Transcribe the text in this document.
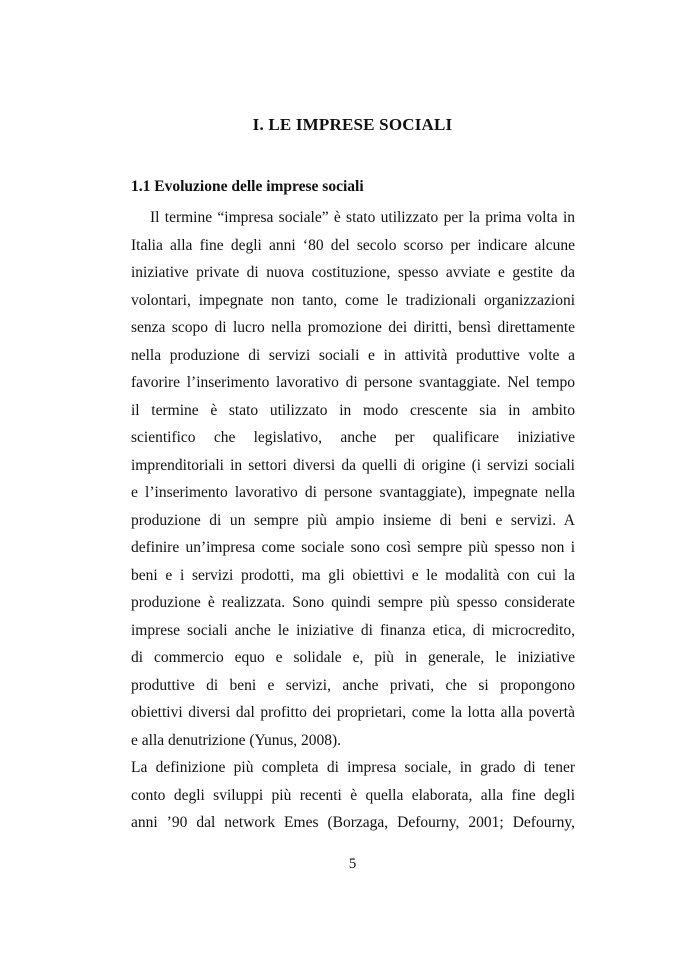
I. LE IMPRESE SOCIALI
1.1 Evoluzione delle imprese sociali
Il termine “impresa sociale” è stato utilizzato per la prima volta in
Italia alla fine degli anni ‘80 del secolo scorso per indicare alcune
iniziative private di nuova costituzione, spesso avviate e gestite da
volontari, impegnate non tanto, come le tradizionali organizzazioni
senza scopo di lucro nella promozione dei diritti, bensì direttamente
nella produzione di servizi sociali e in attività produttive volte a
favorire l’inserimento lavorativo di persone svantaggiate. Nel tempo
il termine è stato utilizzato in modo crescente sia in ambito
scientifico che legislativo, anche per qualificare iniziative
imprenditoriali in settori diversi da quelli di origine (i servizi sociali
e l’inserimento lavorativo di persone svantaggiate), impegnate nella
produzione di un sempre più ampio insieme di beni e servizi. A
definire un’impresa come sociale sono così sempre più spesso non i
beni e i servizi prodotti, ma gli obiettivi e le modalità con cui la
produzione è realizzata. Sono quindi sempre più spesso considerate
imprese sociali anche le iniziative di finanza etica, di microcredito,
di commercio equo e solidale e, più in generale, le iniziative
produttive di beni e servizi, anche privati, che si propongono
obiettivi diversi dal profitto dei proprietari, come la lotta alla povertà
e alla denutrizione (Yunus, 2008).
La definizione più completa di impresa sociale, in grado di tener
conto degli sviluppi più recenti è quella elaborata, alla fine degli
anni ’90 dal network Emes (Borzaga, Defourny, 2001; Defourny,
5
